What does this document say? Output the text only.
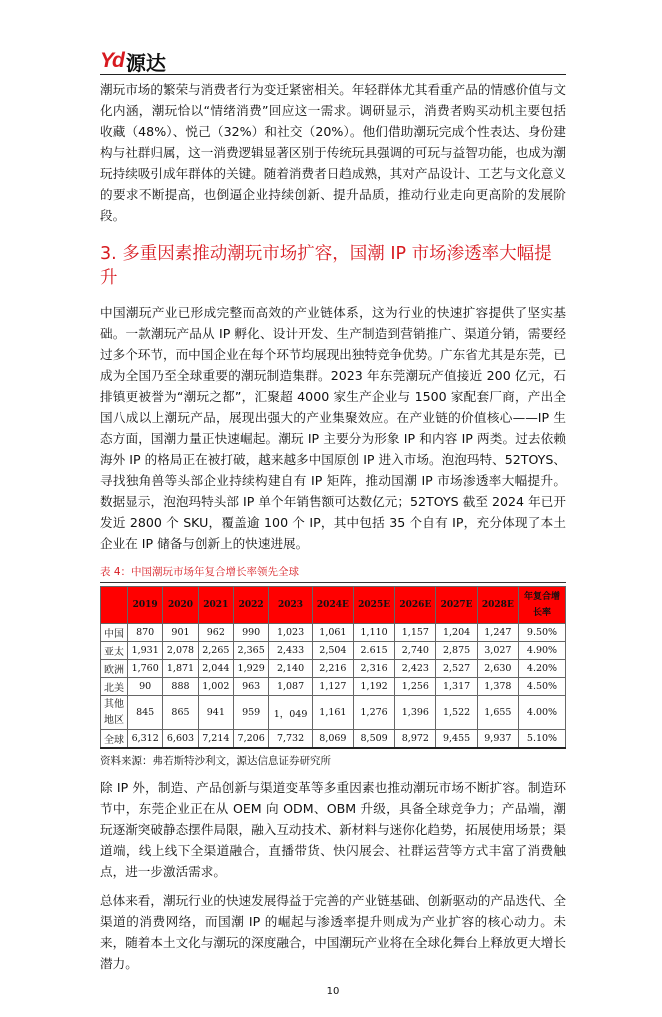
Yd 源达

潮玩市场的繁荣与消费者行为变迁紧密相关。年轻群体尤其看重产品的情感价值与文化内涵，潮玩恰以“情绪消费”回应这一需求。调研显示，消费者购买动机主要包括收藏（48%）、悦己（32%）和社交（20%）。他们借助潮玩完成个性表达、身份建构与社群归属，这一消费逻辑显著区别于传统玩具强调的可玩与益智功能，也成为潮玩持续吸引成年群体的关键。随着消费者日趋成熟，其对产品设计、工艺与文化意义的要求不断提高，也倒逼企业持续创新、提升品质，推动行业走向更高阶的发展阶段。

3. 多重因素推动潮玩市场扩容，国潮 IP 市场渗透率大幅提升

中国潮玩产业已形成完整而高效的产业链体系，这为行业的快速扩容提供了坚实基础。一款潮玩产品从 IP 孵化、设计开发、生产制造到营销推广、渠道分销，需要经过多个环节，而中国企业在每个环节均展现出独特竞争优势。广东省尤其是东莞，已成为全国乃至全球重要的潮玩制造集群。2023 年东莞潮玩产值接近 200 亿元，石排镇更被誉为“潮玩之都”，汇聚超 4000 家生产企业与 1500 家配套厂商，产出全国八成以上潮玩产品，展现出强大的产业集聚效应。在产业链的价值核心——IP 生态方面，国潮力量正快速崛起。潮玩 IP 主要分为形象 IP 和内容 IP 两类。过去依赖海外 IP 的格局正在被打破，越来越多中国原创 IP 进入市场。泡泡玛特、52TOYS、寻找独角兽等头部企业持续构建自有 IP 矩阵，推动国潮 IP 市场渗透率大幅提升。数据显示，泡泡玛特头部 IP 单个年销售额可达数亿元；52TOYS 截至 2024 年已开发近 2800 个 SKU，覆盖逾 100 个 IP，其中包括 35 个自有 IP，充分体现了本土企业在 IP 储备与创新上的快速进展。

表 4：中国潮玩市场年复合增长率领先全球
	2019	2020	2021	2022	2023	2024E	2025E	2026E	2027E	2028E	年复合增长率
中国	870	901	962	990	1,023	1,061	1,110	1,157	1,204	1,247	9.50%
亚太	1,931	2,078	2,265	2,365	2,433	2,504	2.615	2,740	2,875	3,027	4.90%
欧洲	1,760	1,871	2,044	1,929	2,140	2,216	2,316	2,423	2,527	2,630	4.20%
北美	90	888	1,002	963	1,087	1,127	1,192	1,256	1,317	1,378	4.50%
其他地区	845	865	941	959	1，049	1,161	1,276	1,396	1,522	1,655	4.00%
全球	6,312	6,603	7,214	7,206	7,732	8,069	8,509	8,972	9,455	9,937	5.10%
资料来源：弗若斯特沙利文，源达信息证券研究所

除 IP 外，制造、产品创新与渠道变革等多重因素也推动潮玩市场不断扩容。制造环节中，东莞企业正在从 OEM 向 ODM、OBM 升级，具备全球竞争力；产品端，潮玩逐渐突破静态摆件局限，融入互动技术、新材料与迷你化趋势，拓展使用场景；渠道端，线上线下全渠道融合，直播带货、快闪展会、社群运营等方式丰富了消费触点，进一步激活需求。

总体来看，潮玩行业的快速发展得益于完善的产业链基础、创新驱动的产品迭代、全渠道的消费网络，而国潮 IP 的崛起与渗透率提升则成为产业扩容的核心动力。未来，随着本土文化与潮玩的深度融合，中国潮玩产业将在全球化舞台上释放更大增长潜力。

10
